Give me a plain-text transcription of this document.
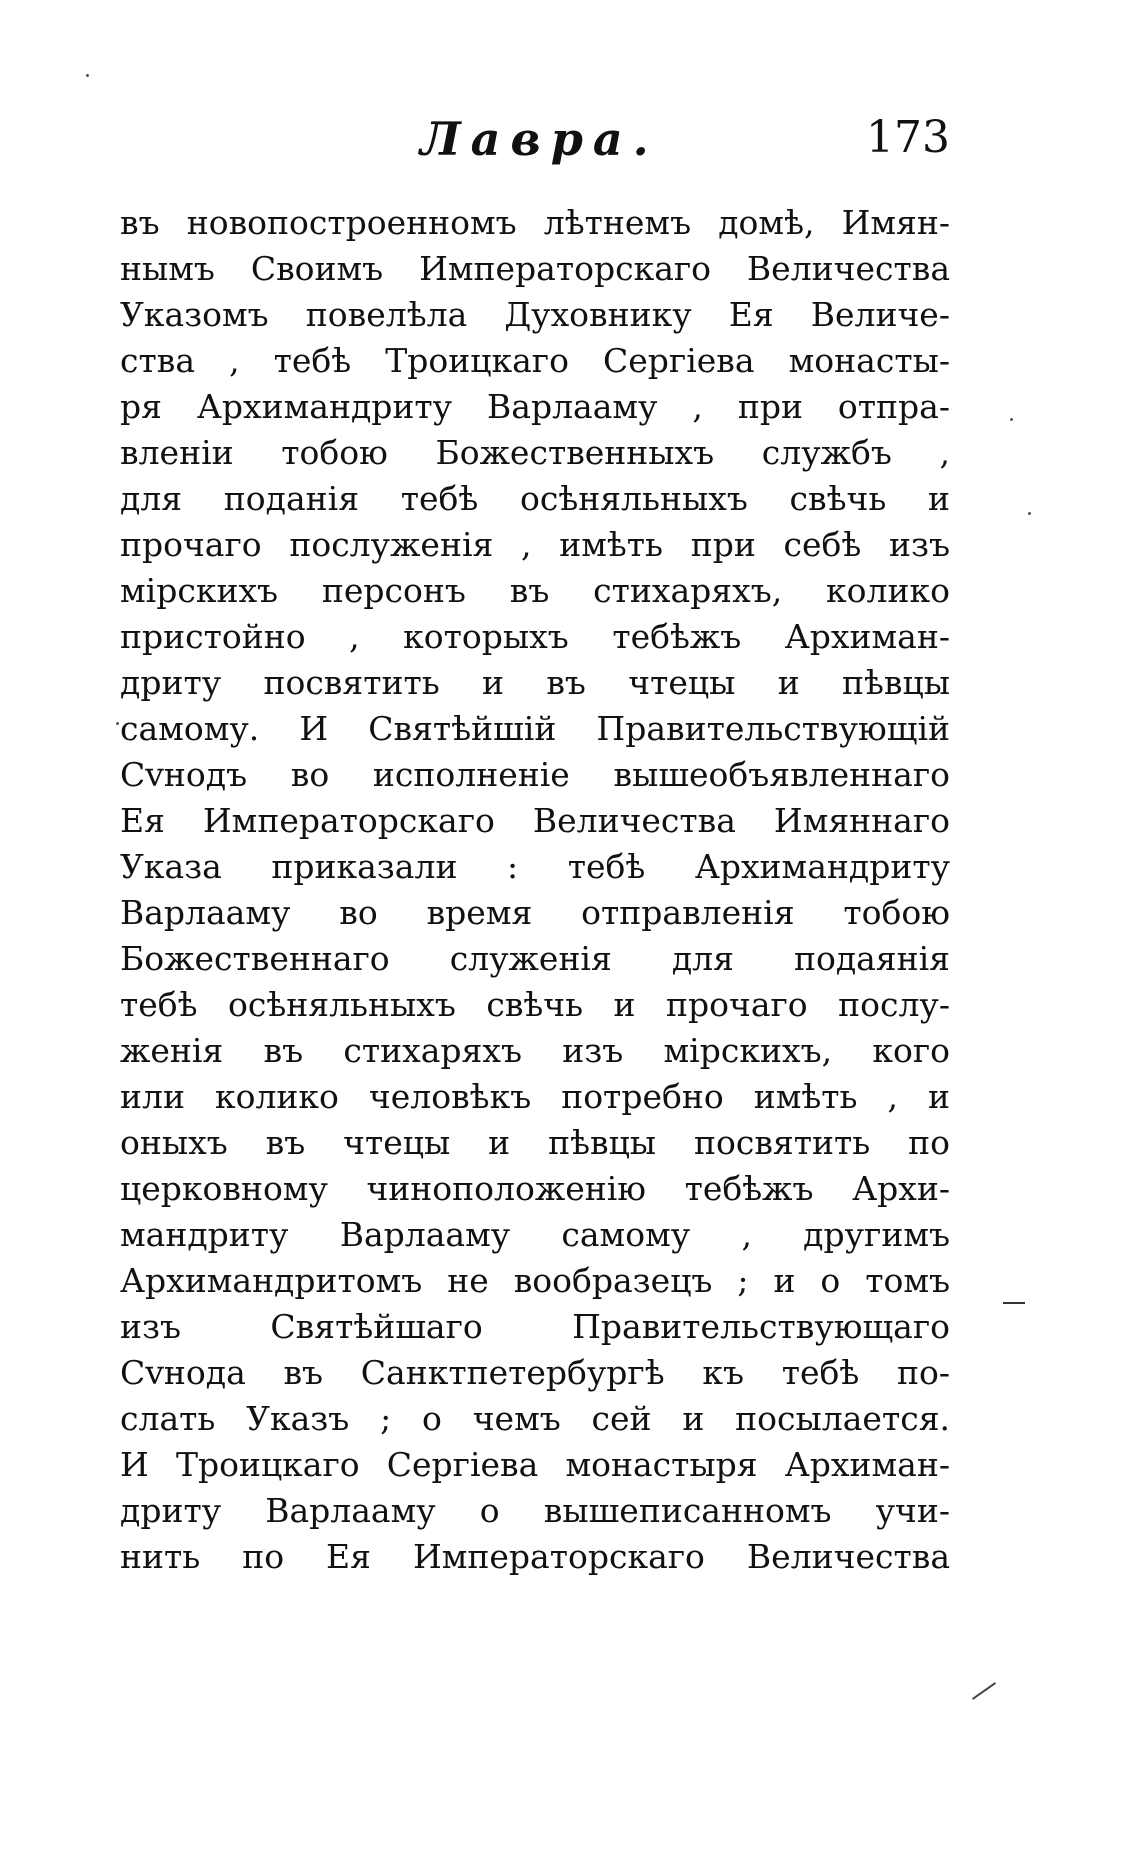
Лавра.	173
въ новопостроенномъ лѣтнемъ домѣ, Имян-
нымъ Своимъ Императорскаго Величества
Указомъ повелѣла Духовнику Ея Величе-
ства , тебѣ Троицкаго Сергiева монасты-
ря Архимандриту Варлааму , при отпра-
вленiи тобою Божественныхъ службъ ,
для поданiя тебѣ осѣняльныхъ свѣчь и
прочаго послуженiя , имѣть при себѣ изъ
мiрскихъ персонъ въ стихаряхъ, колико
пристойно , которыхъ тебѣжъ Архиман-
дриту посвятить и въ чтецы и пѣвцы
самому. И Святѣйшiй Правительствующiй
Сvнодъ во исполненiе вышеобъявленнаго
Ея Императорскаго Величества Имяннаго
Указа приказали : тебѣ Архимандриту
Варлааму во время отправленiя тобою
Божественнаго служенiя для подаянiя
тебѣ осѣняльныхъ свѣчь и прочаго послу-
женiя въ стихаряхъ изъ мiрскихъ, кого
или колико человѣкъ потребно имѣть , и
оныхъ въ чтецы и пѣвцы посвятить по
церковному чиноположенiю тебѣжъ Архи-
мандриту Варлааму самому , другимъ
Архимандритомъ не вообразецъ ; и о томъ
изъ Святѣйшаго Правительствующаго
Сvнода въ Санктпетербургѣ къ тебѣ по-
слать Указъ ; о чемъ сей и посылается.
И Троицкаго Сергiева монастыря Архиман-
дриту Варлааму о вышеписанномъ учи-
нить по Ея Императорскаго Величества
